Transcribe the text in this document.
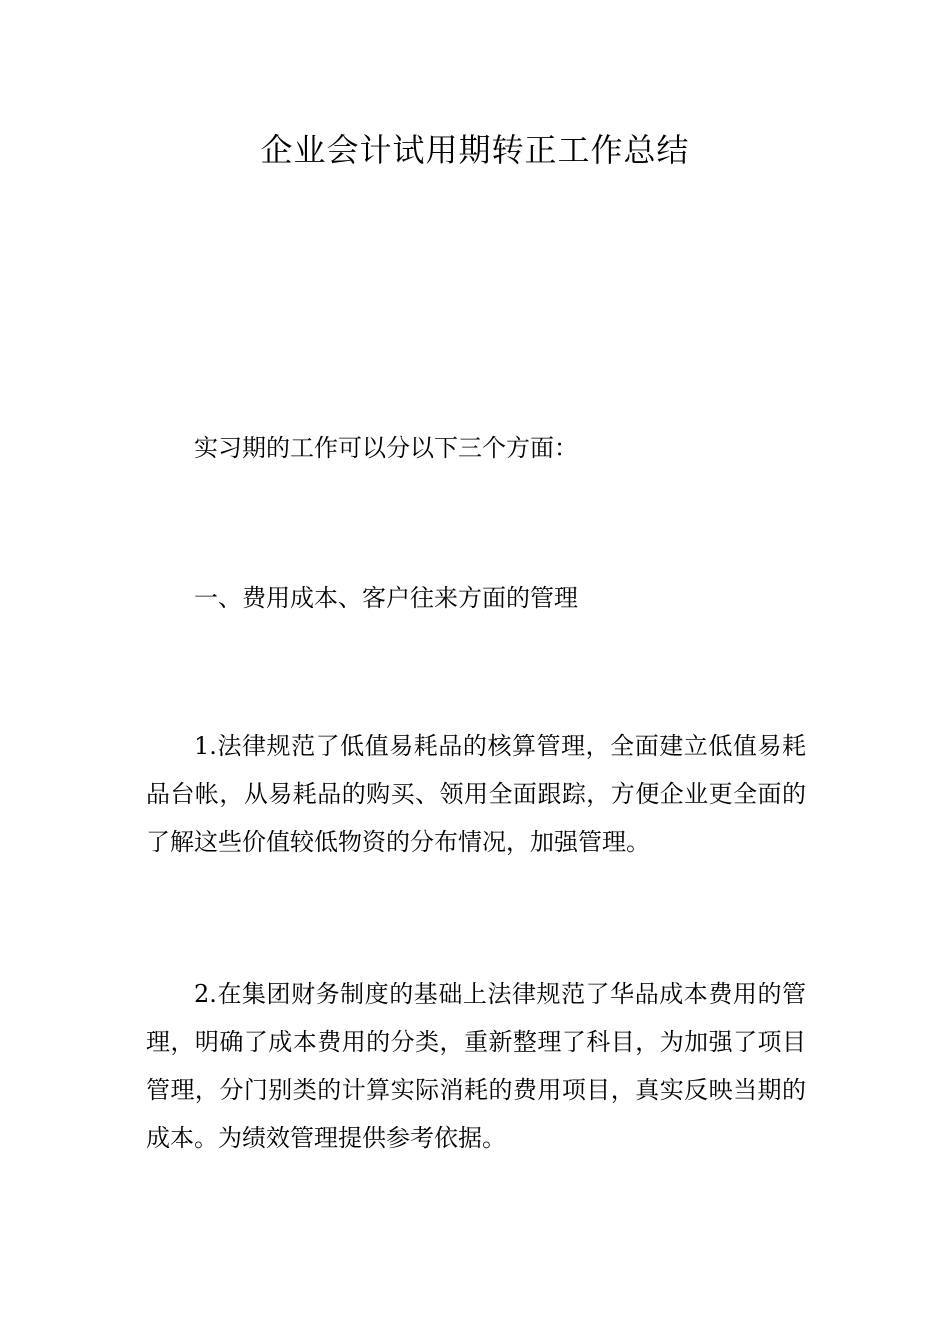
企业会计试用期转正工作总结

实习期的工作可以分以下三个方面：

一、费用成本、客户往来方面的管理

1.法律规范了低值易耗品的核算管理，全面建立低值易耗品台帐，从易耗品的购买、领用全面跟踪，方便企业更全面的了解这些价值较低物资的分布情况，加强管理。

2.在集团财务制度的基础上法律规范了华品成本费用的管理，明确了成本费用的分类，重新整理了科目，为加强了项目管理，分门别类的计算实际消耗的费用项目，真实反映当期的成本。为绩效管理提供参考依据。
